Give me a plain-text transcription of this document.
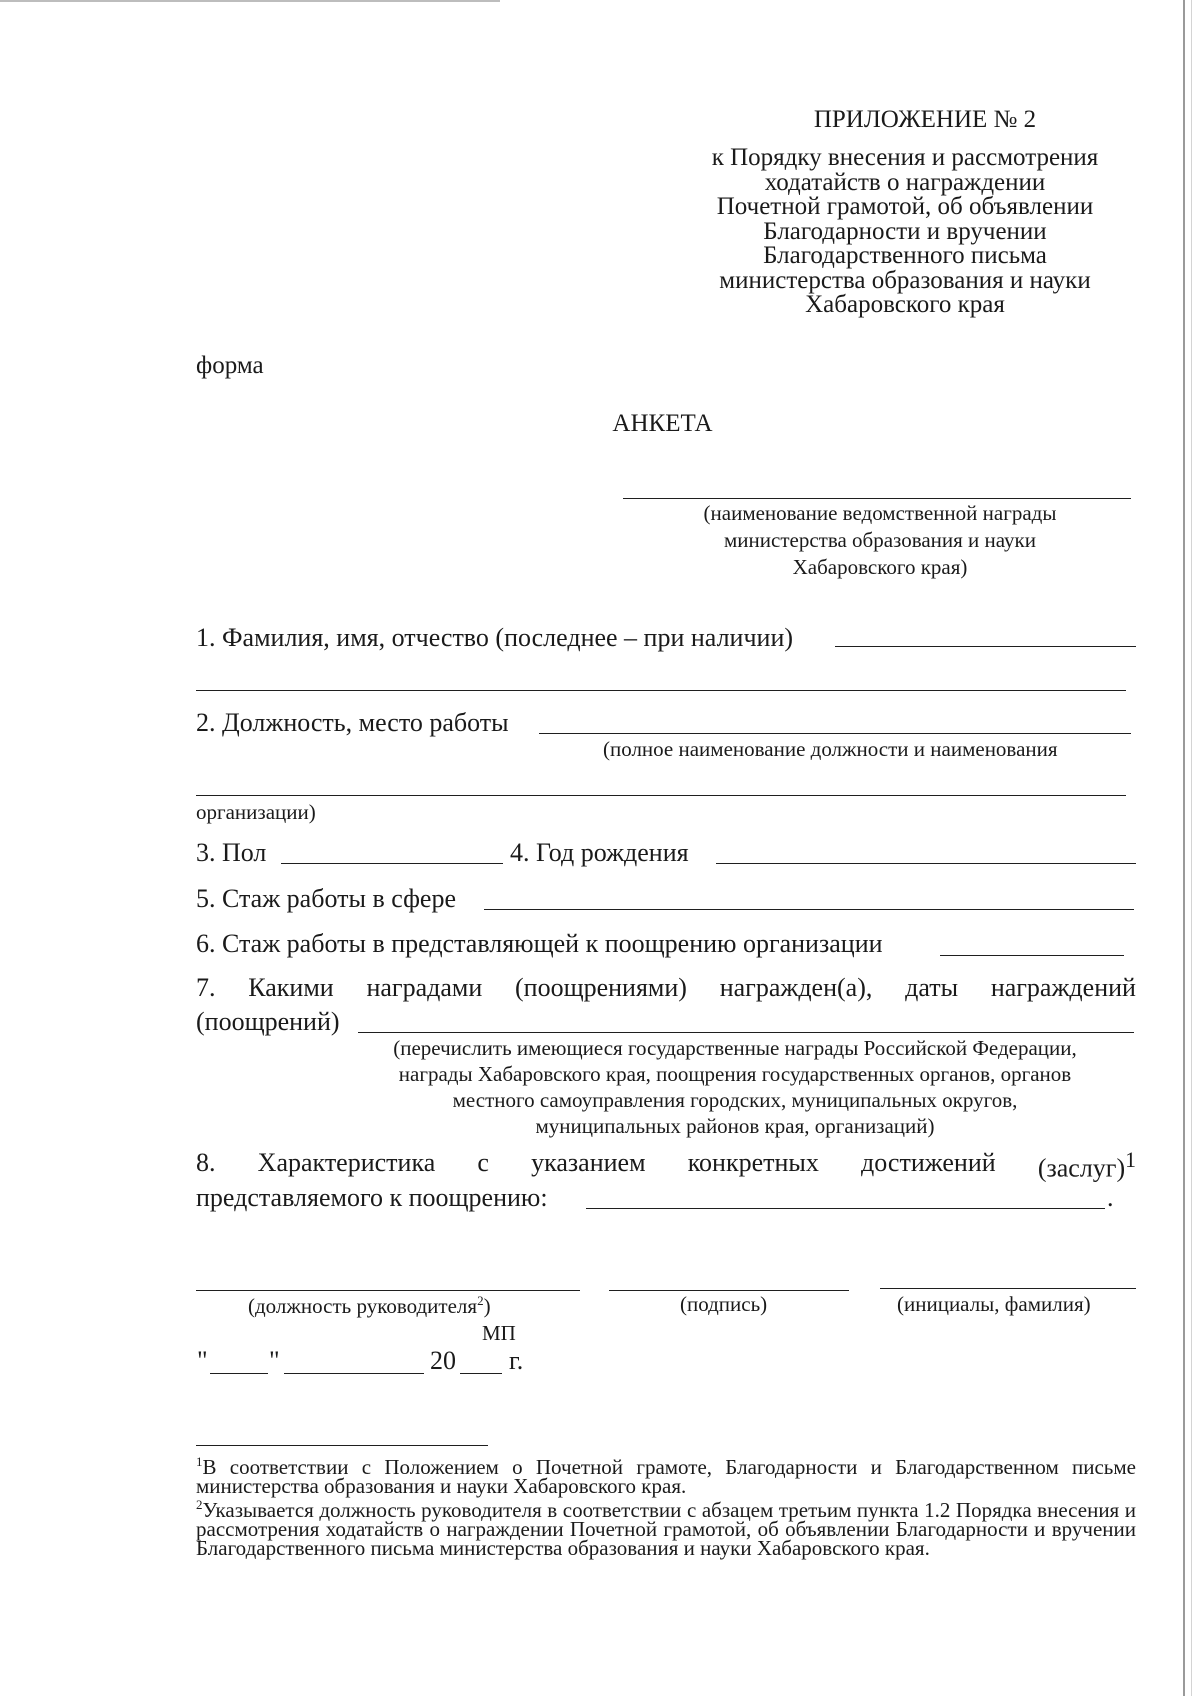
ПРИЛОЖЕНИЕ № 2
к Порядку внесения и рассмотрения
ходатайств о награждении
Почетной грамотой, об объявлении
Благодарности и вручении
Благодарственного письма
министерства образования и науки
Хабаровского края
форма
АНКЕТА
(наименование ведомственной награды
министерства образования и науки
Хабаровского края)
1. Фамилия, имя, отчество (последнее – при наличии)
2. Должность, место работы
(полное наименование должности и наименования
организации)
3. Пол	4. Год рождения
5. Стаж работы в сфере
6. Стаж работы в представляющей к поощрению организации
7. Какими наградами (поощрениями) награжден(а), даты награждений
(поощрений)
(перечислить имеющиеся государственные награды Российской Федерации,
награды Хабаровского края, поощрения государственных органов, органов
местного самоуправления городских, муниципальных округов,
муниципальных районов края, организаций)
8. Характеристика с указанием конкретных достижений (заслуг)$^1$
представляемого к поощрению:	.
(должность руководителя$^2$)	(подпись)	(инициалы, фамилия)
МП
" "	20 г.
$^1$В соответствии с Положением о Почетной грамоте, Благодарности и Благодарственном письме министерства образования и науки Хабаровского края.
$^2$Указывается должность руководителя в соответствии с абзацем третьим пункта 1.2 Порядка внесения и рассмотрения ходатайств о награждении Почетной грамотой, об объявлении Благодарности и вручении Благодарственного письма министерства образования и науки Хабаровского края.
